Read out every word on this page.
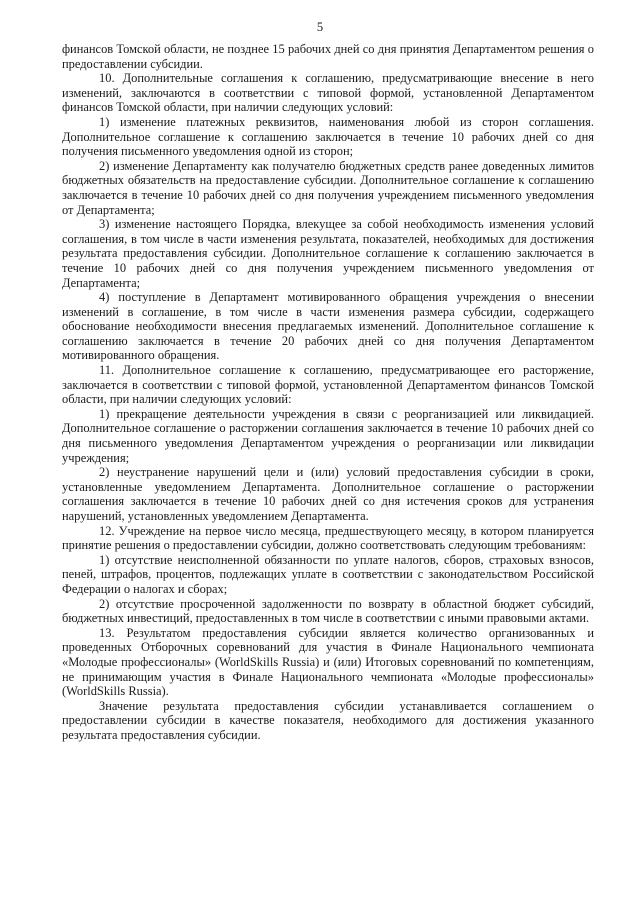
5

финансов Томской области, не позднее 15 рабочих дней со дня принятия Департаментом решения о предоставлении субсидии.

10. Дополнительные соглашения к соглашению, предусматривающие внесение в него изменений, заключаются в соответствии с типовой формой, установленной Департаментом финансов Томской области, при наличии следующих условий:

1) изменение платежных реквизитов, наименования любой из сторон соглашения. Дополнительное соглашение к соглашению заключается в течение 10 рабочих дней со дня получения письменного уведомления одной из сторон;

2) изменение Департаменту как получателю бюджетных средств ранее доведенных лимитов бюджетных обязательств на предоставление субсидии. Дополнительное соглашение к соглашению заключается в течение 10 рабочих дней со дня получения учреждением письменного уведомления от Департамента;

3) изменение настоящего Порядка, влекущее за собой необходимость изменения условий соглашения, в том числе в части изменения результата, показателей, необходимых для достижения результата предоставления субсидии. Дополнительное соглашение к соглашению заключается в течение 10 рабочих дней со дня получения учреждением письменного уведомления от Департамента;

4) поступление в Департамент мотивированного обращения учреждения о внесении изменений в соглашение, в том числе в части изменения размера субсидии, содержащего обоснование необходимости внесения предлагаемых изменений. Дополнительное соглашение к соглашению заключается в течение 20 рабочих дней со дня получения Департаментом мотивированного обращения.

11. Дополнительное соглашение к соглашению, предусматривающее его расторжение, заключается в соответствии с типовой формой, установленной Департаментом финансов Томской области, при наличии следующих условий:

1) прекращение деятельности учреждения в связи с реорганизацией или ликвидацией. Дополнительное соглашение о расторжении соглашения заключается в течение 10 рабочих дней со дня письменного уведомления Департаментом учреждения о реорганизации или ликвидации учреждения;

2) неустранение нарушений цели и (или) условий предоставления субсидии в сроки, установленные уведомлением Департамента. Дополнительное соглашение о расторжении соглашения заключается в течение 10 рабочих дней со дня истечения сроков для устранения нарушений, установленных уведомлением Департамента.

12. Учреждение на первое число месяца, предшествующего месяцу, в котором планируется принятие решения о предоставлении субсидии, должно соответствовать следующим требованиям:

1) отсутствие неисполненной обязанности по уплате налогов, сборов, страховых взносов, пеней, штрафов, процентов, подлежащих уплате в соответствии с законодательством Российской Федерации о налогах и сборах;

2) отсутствие просроченной задолженности по возврату в областной бюджет субсидий, бюджетных инвестиций, предоставленных в том числе в соответствии с иными правовыми актами.

13. Результатом предоставления субсидии является количество организованных и проведенных Отборочных соревнований для участия в Финале Национального чемпионата «Молодые профессионалы» (WorldSkills Russia) и (или) Итоговых соревнований по компетенциям, не принимающим участия в Финале Национального чемпионата «Молодые профессионалы» (WorldSkills Russia).

Значение результата предоставления субсидии устанавливается соглашением о предоставлении субсидии в качестве показателя, необходимого для достижения указанного результата предоставления субсидии.
